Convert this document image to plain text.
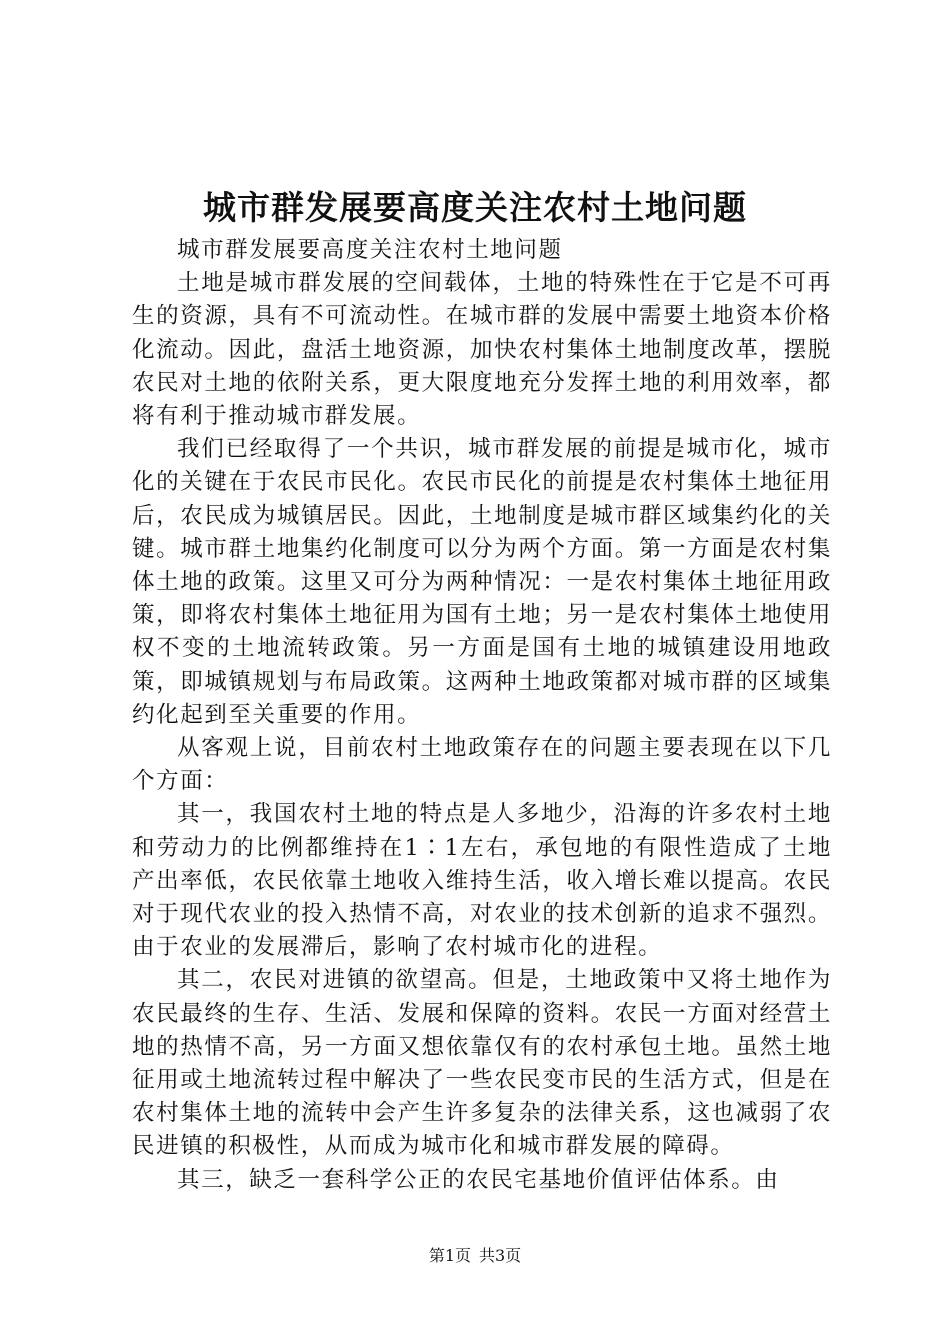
城市群发展要高度关注农村土地问题

城市群发展要高度关注农村土地问题

土地是城市群发展的空间载体，土地的特殊性在于它是不可再生的资源，具有不可流动性。在城市群的发展中需要土地资本价格化流动。因此，盘活土地资源，加快农村集体土地制度改革，摆脱农民对土地的依附关系，更大限度地充分发挥土地的利用效率，都将有利于推动城市群发展。

我们已经取得了一个共识，城市群发展的前提是城市化，城市化的关键在于农民市民化。农民市民化的前提是农村集体土地征用后，农民成为城镇居民。因此，土地制度是城市群区域集约化的关键。城市群土地集约化制度可以分为两个方面。第一方面是农村集体土地的政策。这里又可分为两种情况：一是农村集体土地征用政策，即将农村集体土地征用为国有土地；另一是农村集体土地使用权不变的土地流转政策。另一方面是国有土地的城镇建设用地政策，即城镇规划与布局政策。这两种土地政策都对城市群的区域集约化起到至关重要的作用。

从客观上说，目前农村土地政策存在的问题主要表现在以下几个方面：

其一，我国农村土地的特点是人多地少，沿海的许多农村土地和劳动力的比例都维持在1∶1左右，承包地的有限性造成了土地产出率低，农民依靠土地收入维持生活，收入增长难以提高。农民对于现代农业的投入热情不高，对农业的技术创新的追求不强烈。由于农业的发展滞后，影响了农村城市化的进程。

其二，农民对进镇的欲望高。但是，土地政策中又将土地作为农民最终的生存、生活、发展和保障的资料。农民一方面对经营土地的热情不高，另一方面又想依靠仅有的农村承包土地。虽然土地征用或土地流转过程中解决了一些农民变市民的生活方式，但是在农村集体土地的流转中会产生许多复杂的法律关系，这也减弱了农民进镇的积极性，从而成为城市化和城市群发展的障碍。

其三，缺乏一套科学公正的农民宅基地价值评估体系。由

第1页 共3页
